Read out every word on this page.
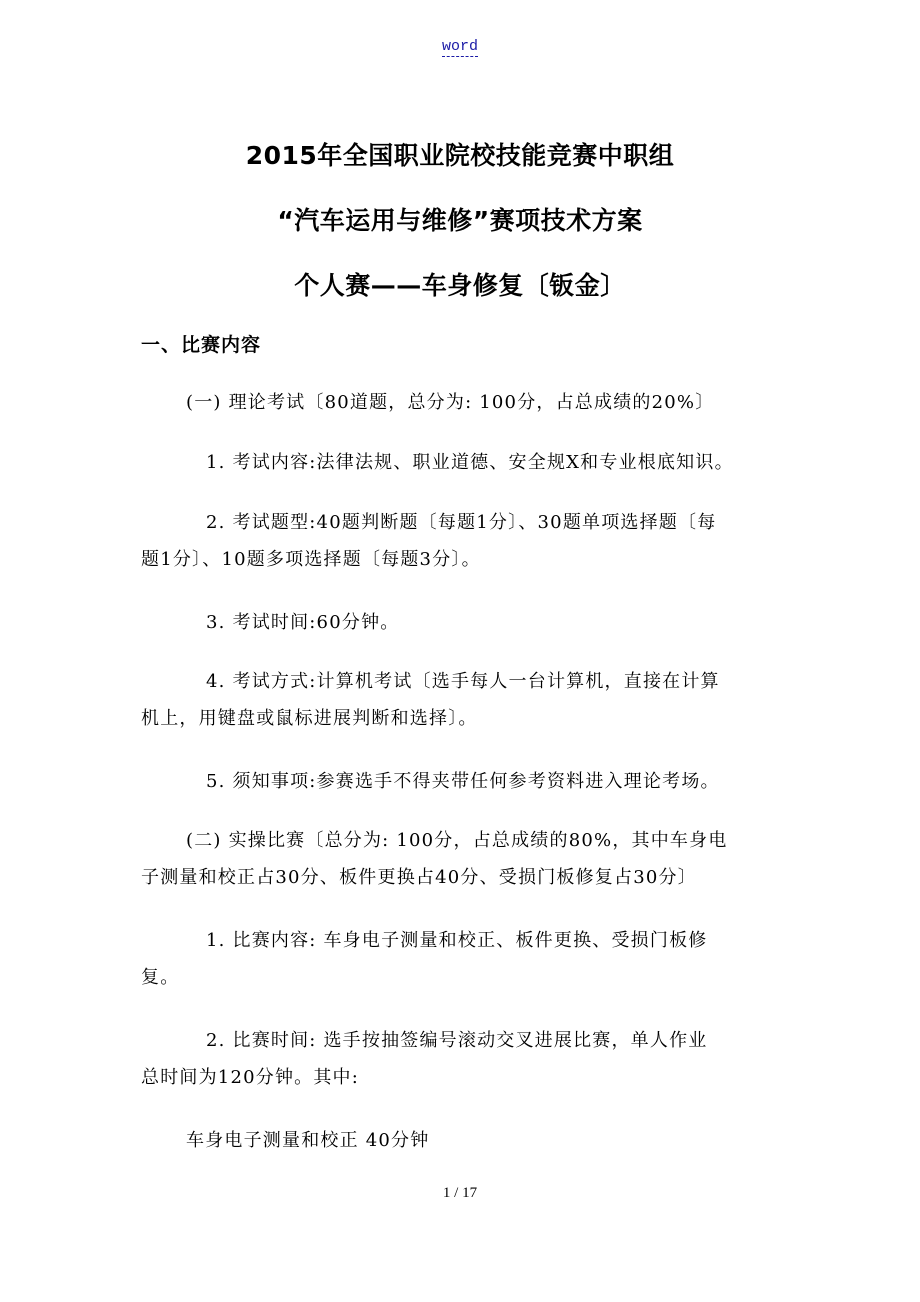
word
2015年全国职业院校技能竞赛中职组
“汽车运用与维修”赛项技术方案
个人赛——车身修复〔钣金〕
一、比赛内容
(一) 理论考试〔80道题，总分为: 100分，占总成绩的20%〕
1. 考试内容:法律法规、职业道德、安全规X和专业根底知识。
2. 考试题型:40题判断题〔每题1分〕、30题单项选择题〔每
题1分〕、10题多项选择题〔每题3分〕。
3. 考试时间:60分钟。
4. 考试方式:计算机考试〔选手每人一台计算机，直接在计算
机上，用键盘或鼠标进展判断和选择〕。
5. 须知事项:参赛选手不得夹带任何参考资料进入理论考场。
(二) 实操比赛〔总分为: 100分，占总成绩的80%，其中车身电
子测量和校正占30分、板件更换占40分、受损门板修复占30分〕
1. 比赛内容: 车身电子测量和校正、板件更换、受损门板修
复。
2. 比赛时间: 选手按抽签编号滚动交叉进展比赛，单人作业
总时间为120分钟。其中:
车身电子测量和校正 40分钟
1 / 17
